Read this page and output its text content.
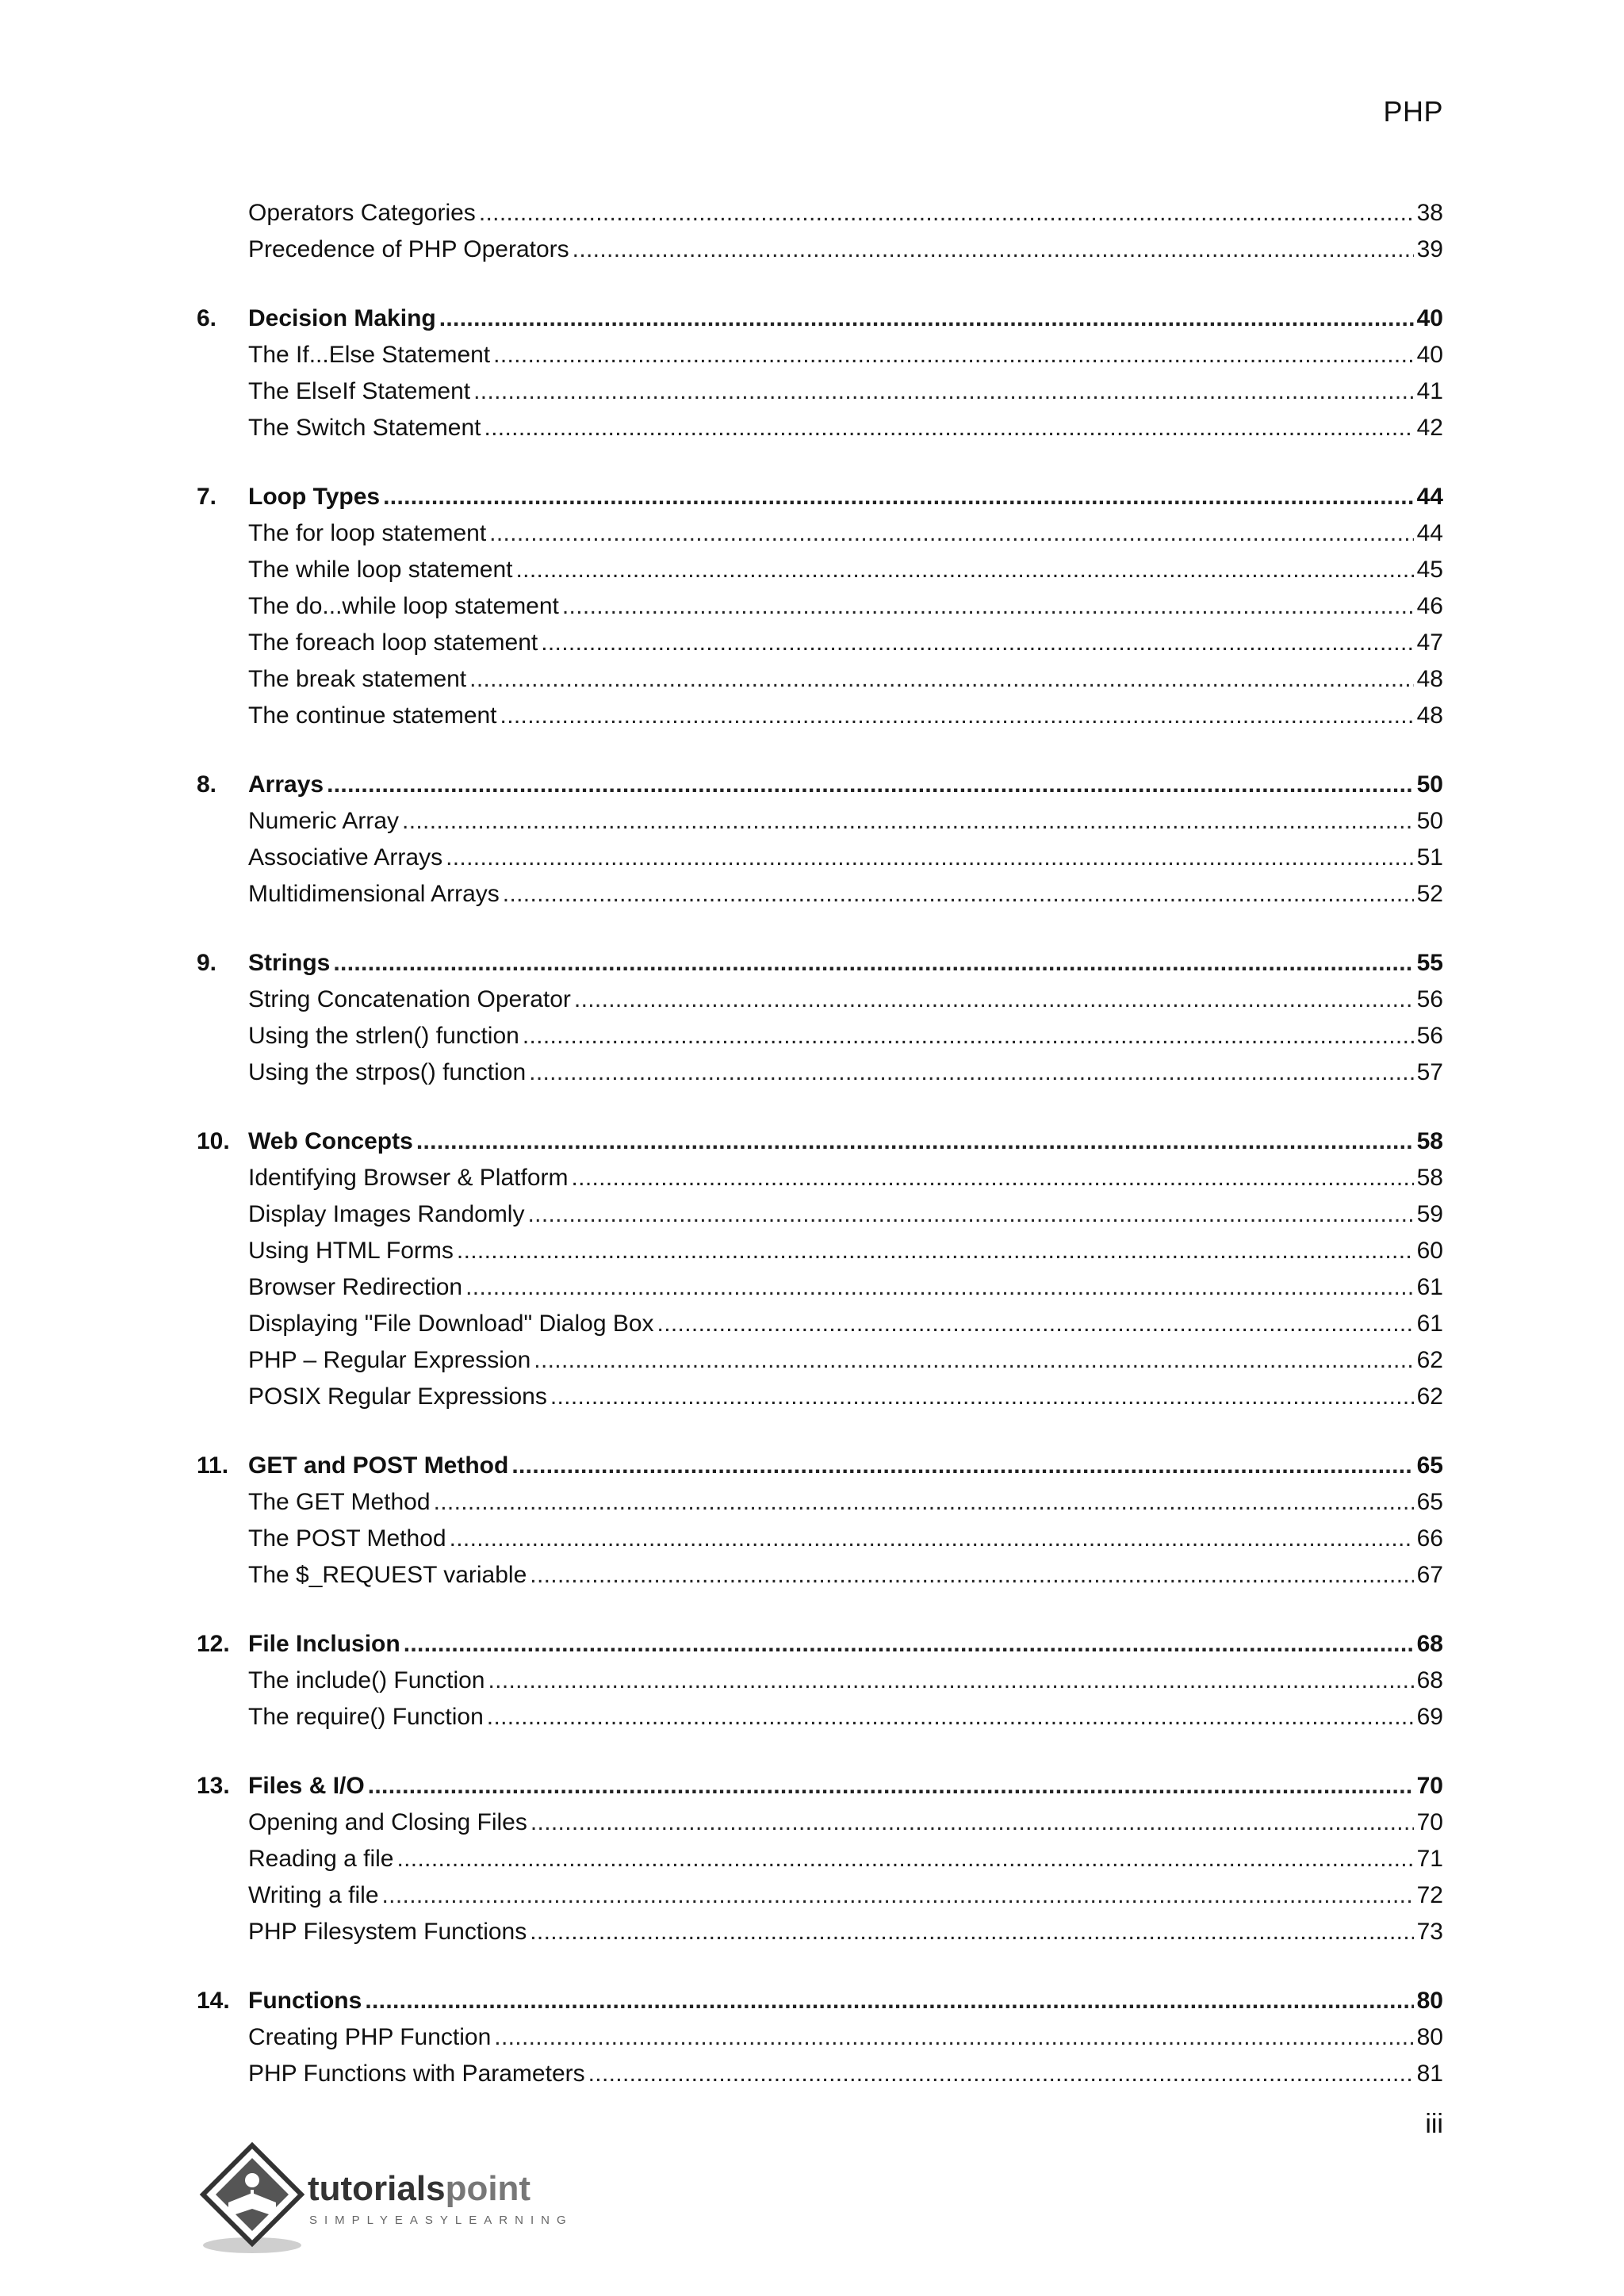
PHP
Operators Categories . . .	38
Precedence of PHP Operators . . .	39
6.	Decision Making . . .	40
The If...Else Statement . . .	40
The ElseIf Statement . . .	41
The Switch Statement . . .	42
7.	Loop Types . . .	44
The for loop statement . . .	44
The while loop statement . . .	45
The do...while loop statement . . .	46
The foreach loop statement . . .	47
The break statement . . .	48
The continue statement . . .	48
8.	Arrays . . .	50
Numeric Array . . .	50
Associative Arrays . . .	51
Multidimensional Arrays . . .	52
9.	Strings . . .	55
String Concatenation Operator . . .	56
Using the strlen() function . . .	56
Using the strpos() function . . .	57
10. Web Concepts . . .	58
Identifying Browser & Platform . . .	58
Display Images Randomly . . .	59
Using HTML Forms . . .	60
Browser Redirection . . .	61
Displaying "File Download" Dialog Box . . .	61
PHP – Regular Expression . . .	62
POSIX Regular Expressions . . .	62
11. GET and POST Method . . .	65
The GET Method . . .	65
The POST Method . . .	66
The $_REQUEST variable . . .	67
12. File Inclusion . . .	68
The include() Function . . .	68
The require() Function . . .	69
13. Files & I/O . . .	70
Opening and Closing Files . . .	70
Reading a file . . .	71
Writing a file . . .	72
PHP Filesystem Functions . . .	73
14. Functions . . .	80
Creating PHP Function . . .	80
PHP Functions with Parameters . . .	81
iii
tutorialspoint
SIMPLYEASYLEARNING
